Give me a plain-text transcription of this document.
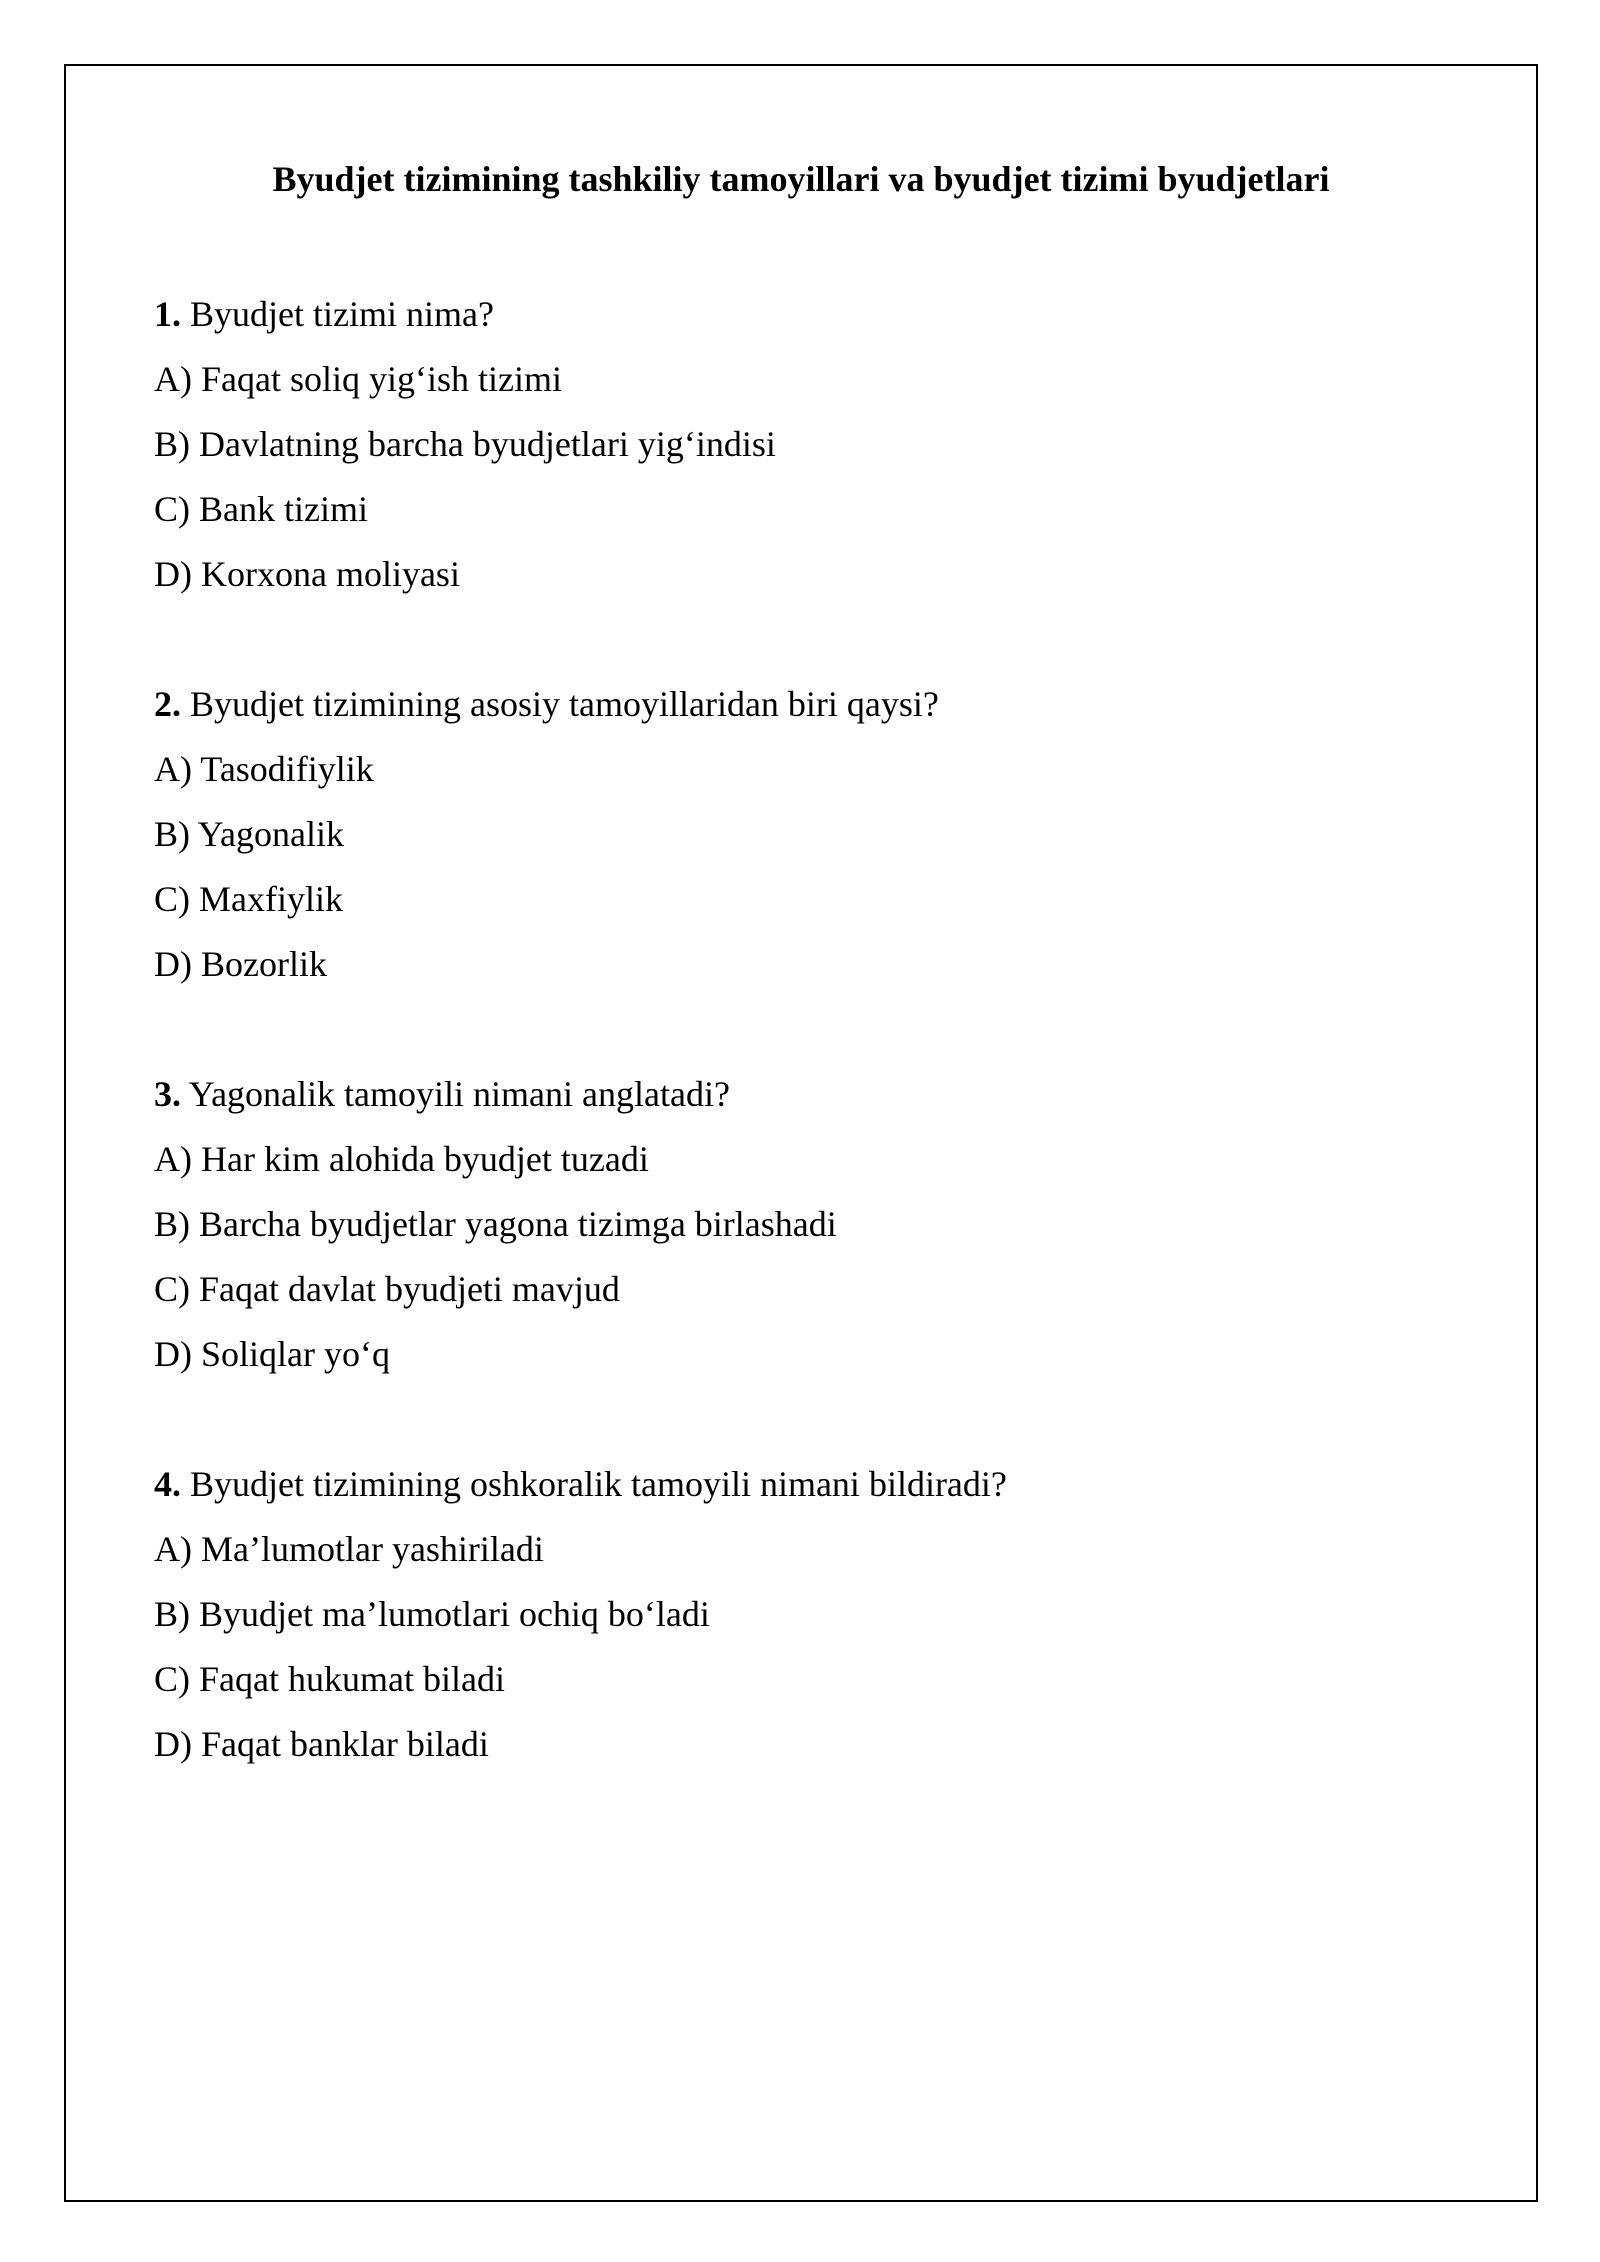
Byudjet tizimining tashkiliy tamoyillari va byudjet tizimi byudjetlari
1. Byudjet tizimi nima?
A) Faqat soliq yig‘ish tizimi
B) Davlatning barcha byudjetlari yig‘indisi
C) Bank tizimi
D) Korxona moliyasi
2. Byudjet tizimining asosiy tamoyillaridan biri qaysi?
A) Tasodifiylik
B) Yagonalik
C) Maxfiylik
D) Bozorlik
3. Yagonalik tamoyili nimani anglatadi?
A) Har kim alohida byudjet tuzadi
B) Barcha byudjetlar yagona tizimga birlashadi
C) Faqat davlat byudjeti mavjud
D) Soliqlar yo‘q
4. Byudjet tizimining oshkoralik tamoyili nimani bildiradi?
A) Ma’lumotlar yashiriladi
B) Byudjet ma’lumotlari ochiq bo‘ladi
C) Faqat hukumat biladi
D) Faqat banklar biladi
